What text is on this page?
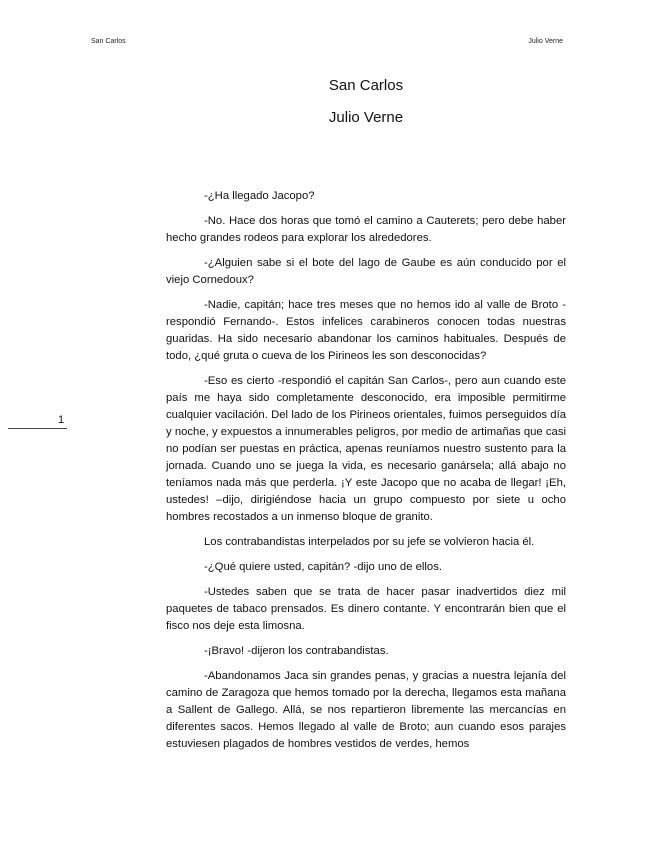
San Carlos	Julio Verne
1
San Carlos
Julio Verne

-¿Ha llegado Jacopo?

-No. Hace dos horas que tomó el camino a Cauterets; pero debe haber hecho grandes rodeos para explorar los alrededores.

-¿Alguien sabe si el bote del lago de Gaube es aún conducido por el viejo Cornedoux?

-Nadie, capitán; hace tres meses que no hemos ido al valle de Broto -respondió Fernando-. Estos infelices carabineros conocen todas nuestras guaridas. Ha sido necesario abandonar los caminos habituales. Después de todo, ¿qué gruta o cueva de los Pirineos les son desconocidas?

-Eso es cierto -respondió el capitán San Carlos-, pero aun cuando este país me haya sido completamente desconocido, era imposible permitirme cualquier vacilación. Del lado de los Pirineos orientales, fuimos perseguidos día y noche, y expuestos a innumerables peligros, por medio de artimañas que casi no podían ser puestas en práctica, apenas reuníamos nuestro sustento para la jornada. Cuando uno se juega la vida, es necesario ganársela; allá abajo no teníamos nada más que perderla. ¡Y este Jacopo que no acaba de llegar! ¡Eh, ustedes! –dijo, dirigiéndose hacia un grupo compuesto por siete u ocho hombres recostados a un inmenso bloque de granito.

Los contrabandistas interpelados por su jefe se volvieron hacia él.

-¿Qué quiere usted, capitán? -dijo uno de ellos.

-Ustedes saben que se trata de hacer pasar inadvertidos diez mil paquetes de tabaco prensados. Es dinero contante. Y encontrarán bien que el fisco nos deje esta limosna.

-¡Bravo! -dijeron los contrabandistas.

-Abandonamos Jaca sin grandes penas, y gracias a nuestra lejanía del camino de Zaragoza que hemos tomado por la derecha, llegamos esta mañana a Sallent de Gallego. Allá, se nos repartieron libremente las mercancías en diferentes sacos. Hemos llegado al valle de Broto; aun cuando esos parajes estuviesen plagados de hombres vestidos de verdes, hemos
